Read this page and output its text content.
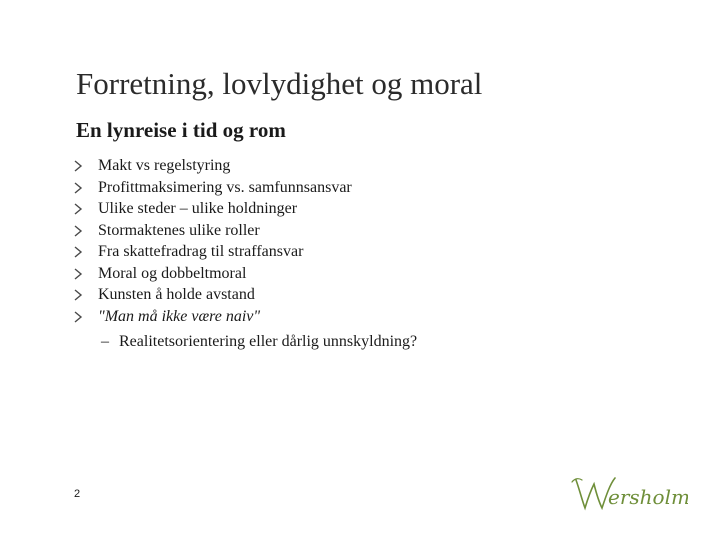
Forretning, lovlydighet og moral
En lynreise i tid og rom
Makt vs regelstyring
Profittmaksimering vs. samfunnsansvar
Ulike steder – ulike holdninger
Stormaktenes ulike roller
Fra skattefradrag til straffansvar
Moral og dobbeltmoral
Kunsten å holde avstand
"Man må ikke være naiv"
– Realitetsorientering eller dårlig unnskyldning?
2	ersholm
